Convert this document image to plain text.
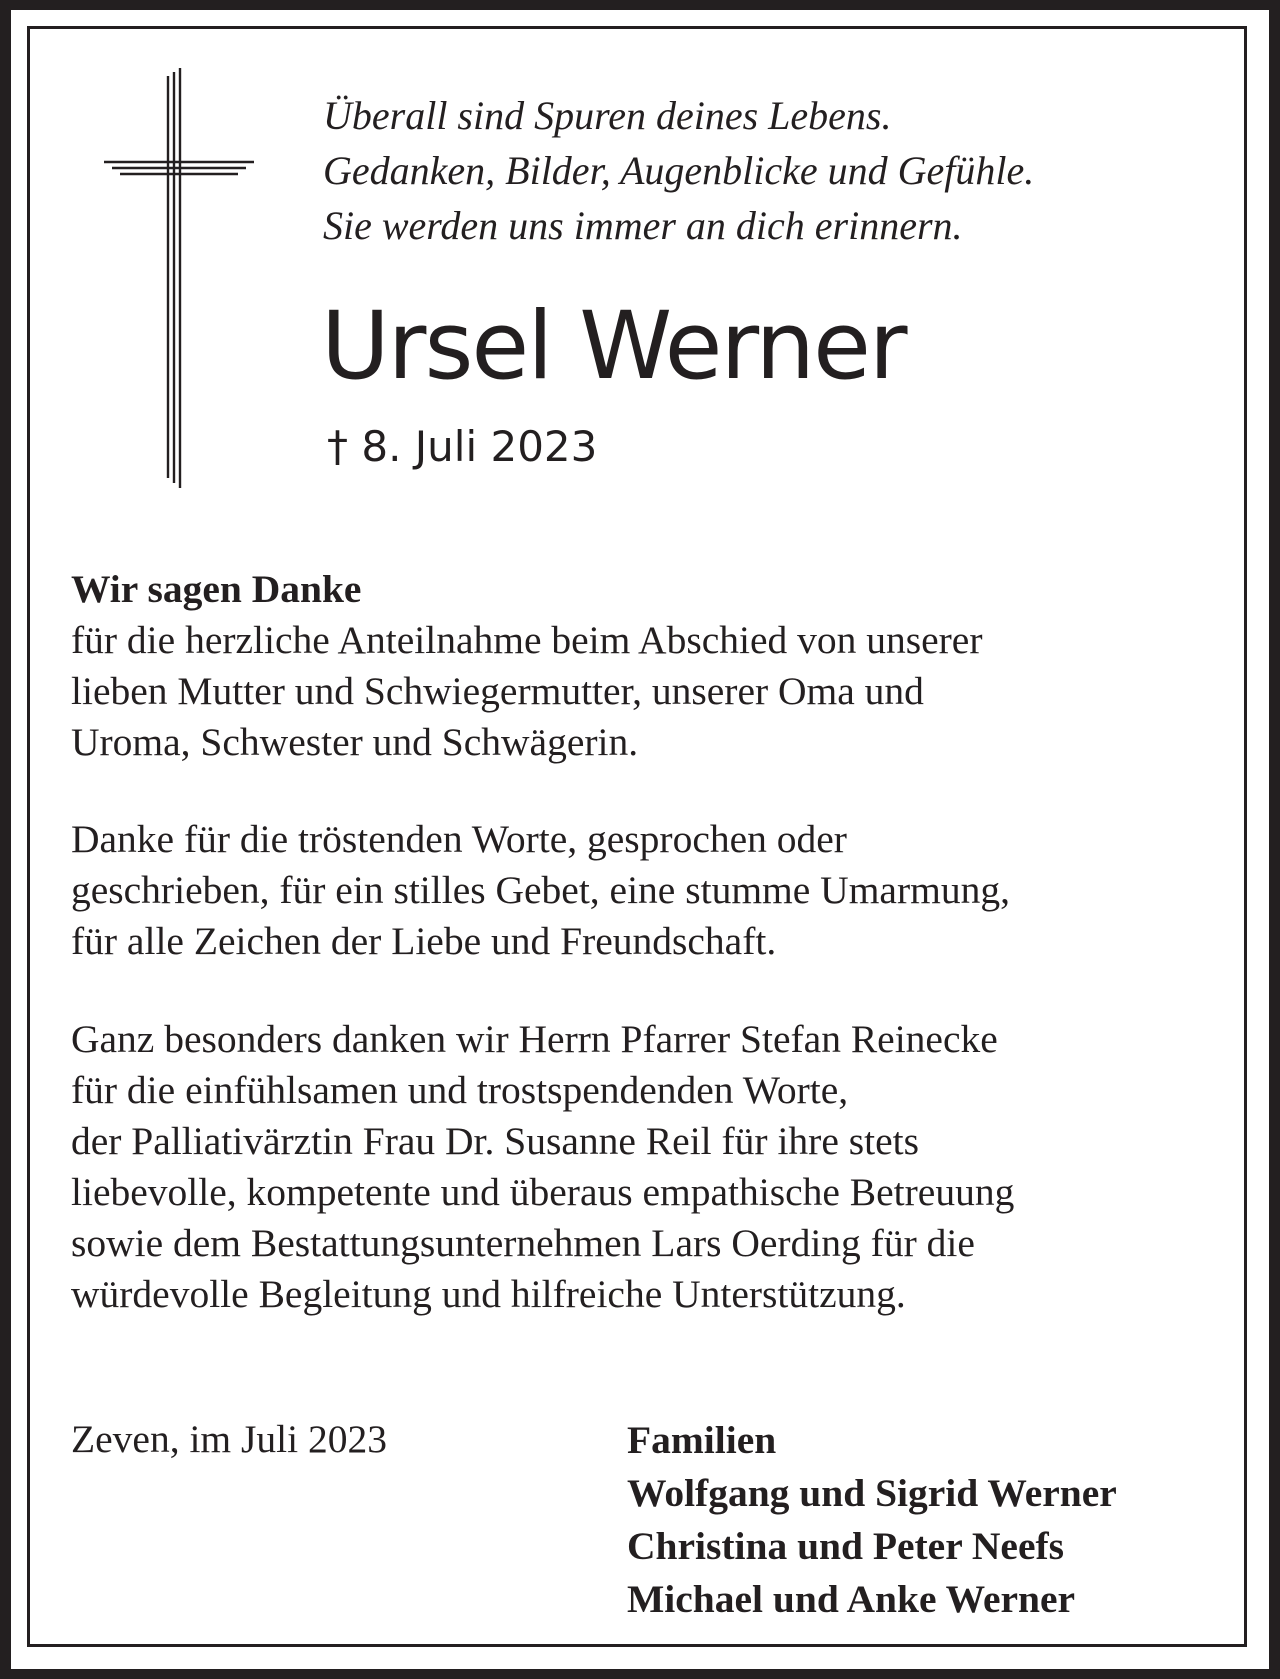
Überall sind Spuren deines Lebens.
Gedanken, Bilder, Augenblicke und Gefühle.
Sie werden uns immer an dich erinnern.
Ursel Werner
† 8. Juli 2023
Wir sagen Danke
für die herzliche Anteilnahme beim Abschied von unserer
lieben Mutter und Schwiegermutter, unserer Oma und
Uroma, Schwester und Schwägerin.
Danke für die tröstenden Worte, gesprochen oder
geschrieben, für ein stilles Gebet, eine stumme Umarmung,
für alle Zeichen der Liebe und Freundschaft.
Ganz besonders danken wir Herrn Pfarrer Stefan Reinecke
für die einfühlsamen und trostspendenden Worte,
der Palliativärztin Frau Dr. Susanne Reil für ihre stets
liebevolle, kompetente und überaus empathische Betreuung
sowie dem Bestattungsunternehmen Lars Oerding für die
würdevolle Begleitung und hilfreiche Unterstützung.
Zeven, im Juli 2023	Familien
Wolfgang und Sigrid Werner
Christina und Peter Neefs
Michael und Anke Werner
